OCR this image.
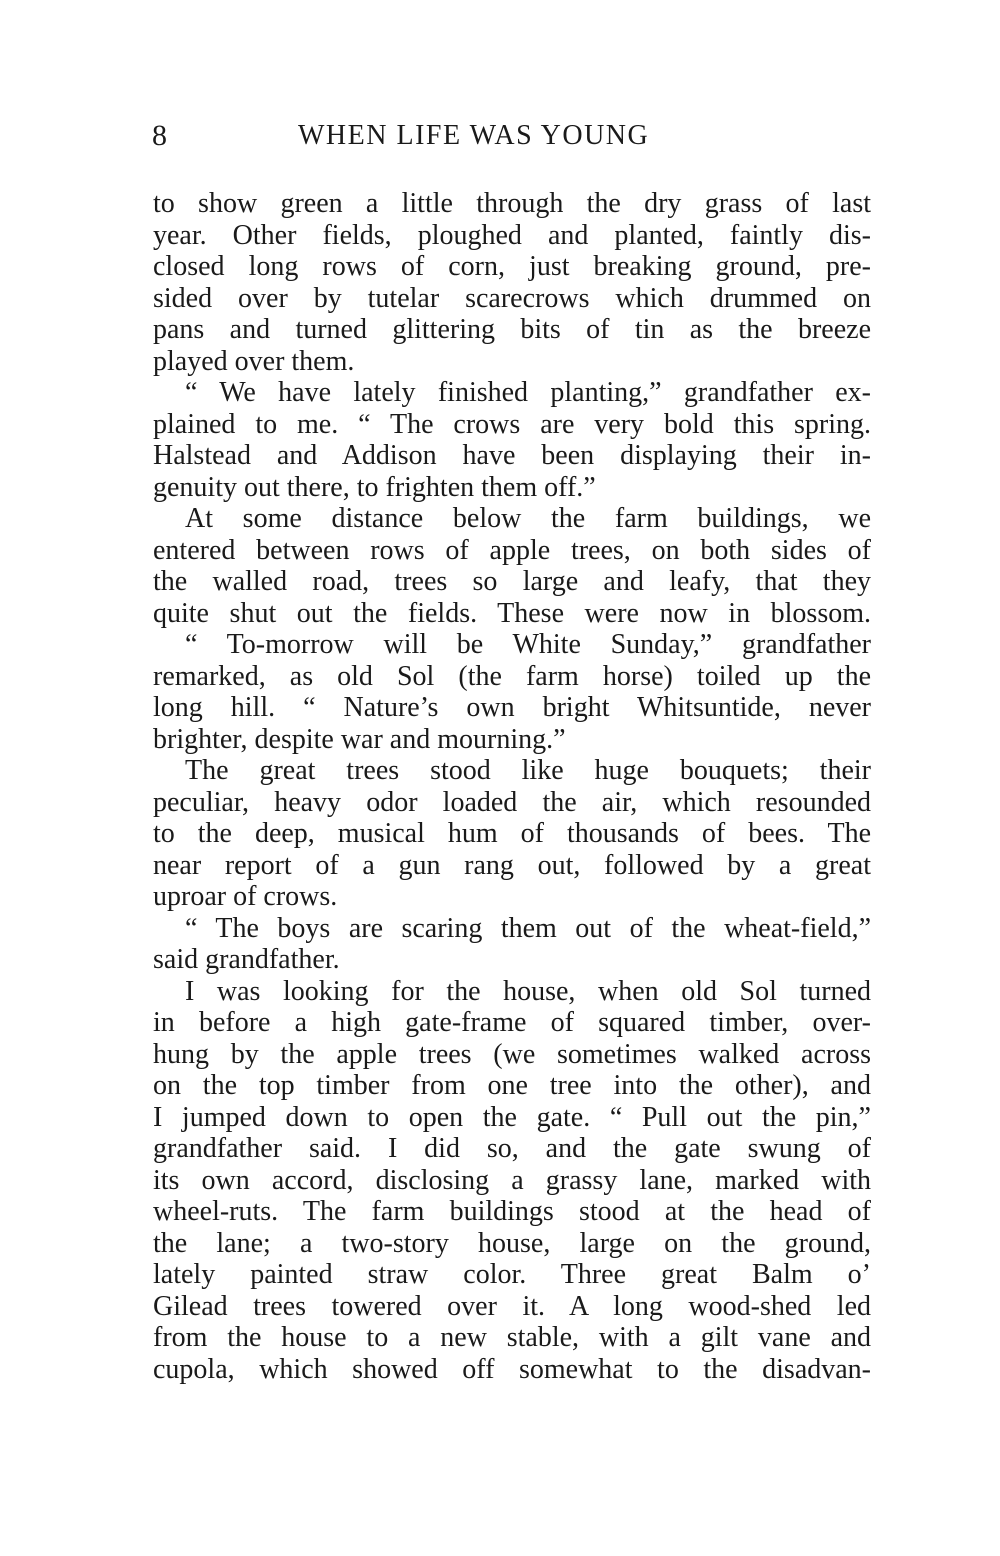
8	WHEN LIFE WAS YOUNG
to show green a little through the dry grass of last
year. Other fields, ploughed and planted, faintly dis-
closed long rows of corn, just breaking ground, pre-
sided over by tutelar scarecrows which drummed on
pans and turned glittering bits of tin as the breeze
played over them.
“ We have lately finished planting,” grandfather ex-
plained to me. “ The crows are very bold this spring.
Halstead and Addison have been displaying their in-
genuity out there, to frighten them off.”
At some distance below the farm buildings, we
entered between rows of apple trees, on both sides of
the walled road, trees so large and leafy, that they
quite shut out the fields. These were now in blossom.
“ To-morrow will be White Sunday,” grandfather
remarked, as old Sol (the farm horse) toiled up the
long hill. “ Nature’s own bright Whitsuntide, never
brighter, despite war and mourning.”
The great trees stood like huge bouquets; their
peculiar, heavy odor loaded the air, which resounded
to the deep, musical hum of thousands of bees. The
near report of a gun rang out, followed by a great
uproar of crows.
“ The boys are scaring them out of the wheat-field,”
said grandfather.
I was looking for the house, when old Sol turned
in before a high gate-frame of squared timber, over-
hung by the apple trees (we sometimes walked across
on the top timber from one tree into the other), and
I jumped down to open the gate. “ Pull out the pin,”
grandfather said. I did so, and the gate swung of
its own accord, disclosing a grassy lane, marked with
wheel-ruts. The farm buildings stood at the head of
the lane; a two-story house, large on the ground,
lately painted straw color. Three great Balm o’
Gilead trees towered over it. A long wood-shed led
from the house to a new stable, with a gilt vane and
cupola, which showed off somewhat to the disadvan-
